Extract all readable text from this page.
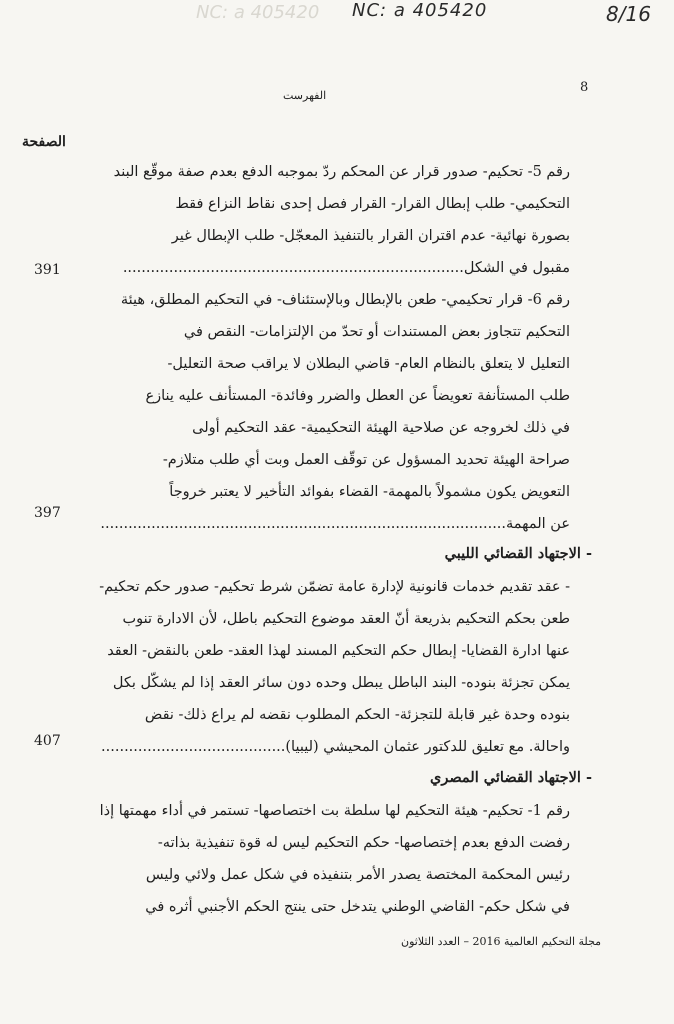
NC: a 405420 NC: a 405420	8/16
الفهرست
8
الصفحة
رقم 5- تحكيم- صدور قرار عن المحكم ردّ بموجبه الدفع بعدم صفة موقّع البند
التحكيمي- طلب إبطال القرار- القرار فصل إحدى نقاط النزاع فقط
بصورة نهائية- عدم اقتران القرار بالتنفيذ المعجّل- طلب الإبطال غير
مقبول في الشكل..........................................................................
391
رقم 6- قرار تحكيمي- طعن بالإبطال وبالإستئناف- في التحكيم المطلق، هيئة
التحكيم تتجاوز بعض المستندات أو تحدّ من الإلتزامات- النقص في
التعليل لا يتعلق بالنظام العام- قاضي البطلان لا يراقب صحة التعليل-
طلب المستأنفة تعويضاً عن العطل والضرر وفائدة- المستأنف عليه ينازع
في ذلك لخروجه عن صلاحية الهيئة التحكيمية- عقد التحكيم أولى
صراحة الهيئة تحديد المسؤول عن توقّف العمل وبت أي طلب متلازم-
التعويض يكون مشمولاً بالمهمة- القضاء بفوائد التأخير لا يعتبر خروجاً
عن المهمة........................................................................................
397
- الاجتهاد القضائي الليبي
- عقد تقديم خدمات قانونية لإدارة عامة تضمّن شرط تحكيم- صدور حكم تحكيم-
طعن بحكم التحكيم بذريعة أنّ العقد موضوع التحكيم باطل، لأن الادارة تنوب
عنها ادارة القضايا- إبطال حكم التحكيم المسند لهذا العقد- طعن بالنقض- العقد
يمكن تجزئة بنوده- البند الباطل يبطل وحده دون سائر العقد إذا لم يشكّل بكل
بنوده وحدة غير قابلة للتجزئة- الحكم المطلوب نقضه لم يراع ذلك- نقض
واحالة. مع تعليق للدكتور عثمان المحيشي (ليبيا)........................................
407
- الاجتهاد القضائي المصري
رقم 1- تحكيم- هيئة التحكيم لها سلطة بت اختصاصها- تستمر في أداء مهمتها إذا
رفضت الدفع بعدم إختصاصها- حكم التحكيم ليس له قوة تنفيذية بذاته-
رئيس المحكمة المختصة يصدر الأمر بتنفيذه في شكل عمل ولائي وليس
في شكل حكم- القاضي الوطني يتدخل حتى ينتج الحكم الأجنبي أثره في
مجلة التحكيم العالمية 2016 – العدد الثلاثون
